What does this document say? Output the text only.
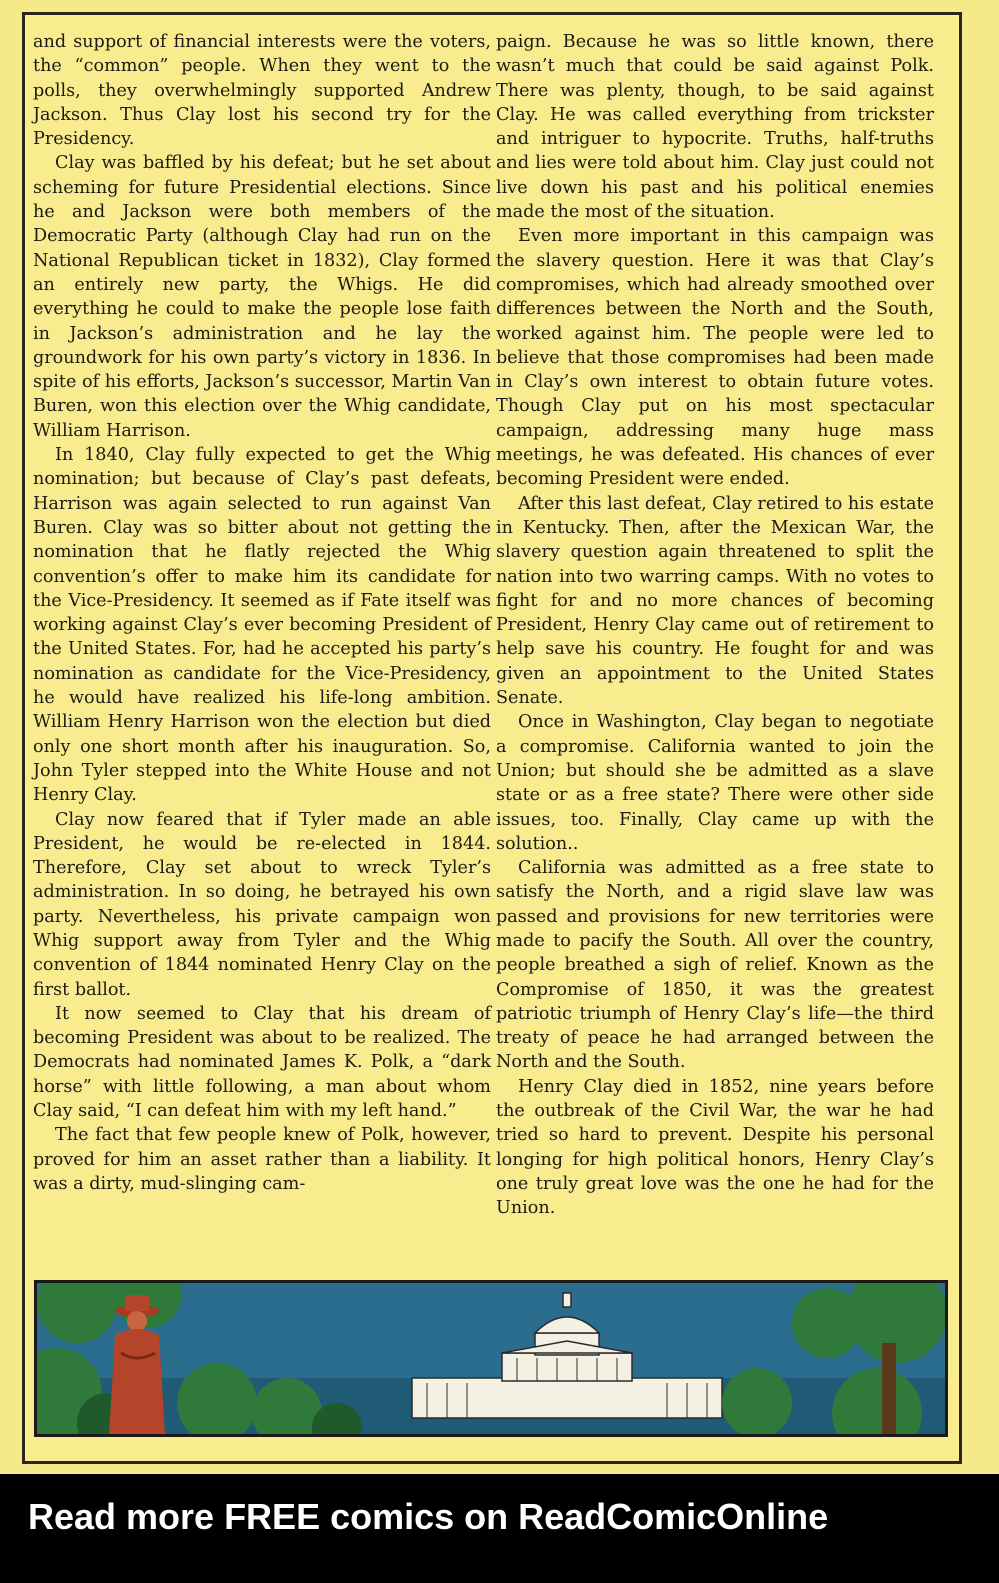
and support of financial interests were the voters, the “common” people. When they went to the polls, they overwhelmingly supported Andrew Jackson. Thus Clay lost his second try for the Presidency.

Clay was baffled by his defeat; but he set about scheming for future Presidential elections. Since he and Jackson were both members of the Democratic Party (although Clay had run on the National Republican ticket in 1832), Clay formed an entirely new party, the Whigs. He did everything he could to make the people lose faith in Jackson’s administration and he lay the groundwork for his own party’s victory in 1836. In spite of his efforts, Jackson’s successor, Martin Van Buren, won this election over the Whig candidate, William Harrison.

In 1840, Clay fully expected to get the Whig nomination; but because of Clay’s past defeats, Harrison was again selected to run against Van Buren. Clay was so bitter about not getting the nomination that he flatly rejected the Whig convention’s offer to make him its candidate for the Vice-Presidency. It seemed as if Fate itself was working against Clay’s ever becoming President of the United States. For, had he accepted his party’s nomination as candidate for the Vice-Presidency, he would have realized his life-long ambition. William Henry Harrison won the election but died only one short month after his inauguration. So, John Tyler stepped into the White House and not Henry Clay.

Clay now feared that if Tyler made an able President, he would be re-elected in 1844. Therefore, Clay set about to wreck Tyler’s administration. In so doing, he betrayed his own party. Nevertheless, his private campaign won Whig support away from Tyler and the Whig convention of 1844 nominated Henry Clay on the first ballot.

It now seemed to Clay that his dream of becoming President was about to be realized. The Democrats had nominated James K. Polk, a “dark horse” with little following, a man about whom Clay said, “I can defeat him with my left hand.”

The fact that few people knew of Polk, however, proved for him an asset rather than a liability. It was a dirty, mud-slinging cam-

paign. Because he was so little known, there wasn’t much that could be said against Polk. There was plenty, though, to be said against Clay. He was called everything from trickster and intriguer to hypocrite. Truths, half-truths and lies were told about him. Clay just could not live down his past and his political enemies made the most of the situation.

Even more important in this campaign was the slavery question. Here it was that Clay’s compromises, which had already smoothed over differences between the North and the South, worked against him. The people were led to believe that those compromises had been made in Clay’s own interest to obtain future votes. Though Clay put on his most spectacular campaign, addressing many huge mass meetings, he was defeated. His chances of ever becoming President were ended.

After this last defeat, Clay retired to his estate in Kentucky. Then, after the Mexican War, the slavery question again threatened to split the nation into two warring camps. With no votes to fight for and no more chances of becoming President, Henry Clay came out of retirement to help save his country. He fought for and was given an appointment to the United States Senate.

Once in Washington, Clay began to negotiate a compromise. California wanted to join the Union; but should she be admitted as a slave state or as a free state? There were other side issues, too. Finally, Clay came up with the solution..

California was admitted as a free state to satisfy the North, and a rigid slave law was passed and provisions for new territories were made to pacify the South. All over the country, people breathed a sigh of relief. Known as the Compromise of 1850, it was the greatest patriotic triumph of Henry Clay’s life—the third treaty of peace he had arranged between the North and the South.

Henry Clay died in 1852, nine years before the outbreak of the Civil War, the war he had tried so hard to prevent. Despite his personal longing for high political honors, Henry Clay’s one truly great love was the one he had for the Union.

Read more FREE comics on ReadComicOnline
